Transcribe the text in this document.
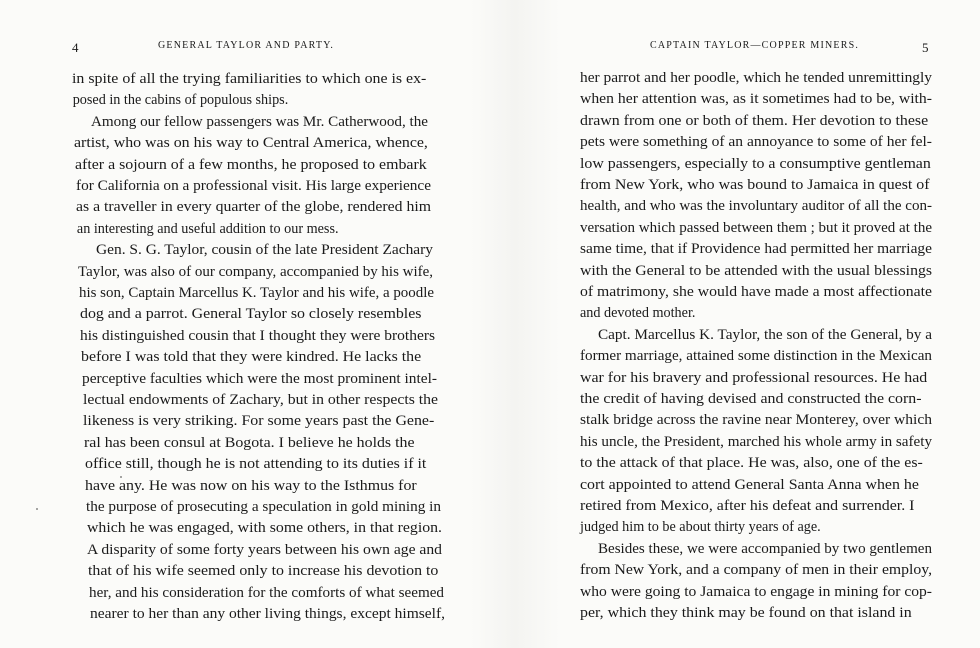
4	GENERAL TAYLOR AND PARTY.
in spite of all the trying familiarities to which one is ex-
posed in the cabins of populous ships.
Among our fellow passengers was Mr. Catherwood, the
artist, who was on his way to Central America, whence,
after a sojourn of a few months, he proposed to embark
for California on a professional visit. His large experience
as a traveller in every quarter of the globe, rendered him
an interesting and useful addition to our mess.
Gen. S. G. Taylor, cousin of the late President Zachary
Taylor, was also of our company, accompanied by his wife,
his son, Captain Marcellus K. Taylor and his wife, a poodle
dog and a parrot. General Taylor so closely resembles
his distinguished cousin that I thought they were brothers
before I was told that they were kindred. He lacks the
perceptive faculties which were the most prominent intel-
lectual endowments of Zachary, but in other respects the
likeness is very striking. For some years past the Gene-
ral has been consul at Bogota. I believe he holds the
office still, though he is not attending to its duties if it
have any. He was now on his way to the Isthmus for
the purpose of prosecuting a speculation in gold mining in
which he was engaged, with some others, in that region.
A disparity of some forty years between his own age and
that of his wife seemed only to increase his devotion to
her, and his consideration for the comforts of what seemed
nearer to her than any other living things, except himself,
CAPTAIN TAYLOR—COPPER MINERS.	5
her parrot and her poodle, which he tended unremittingly
when her attention was, as it sometimes had to be, with-
drawn from one or both of them. Her devotion to these
pets were something of an annoyance to some of her fel-
low passengers, especially to a consumptive gentleman
from New York, who was bound to Jamaica in quest of
health, and who was the involuntary auditor of all the con-
versation which passed between them ; but it proved at the
same time, that if Providence had permitted her marriage
with the General to be attended with the usual blessings
of matrimony, she would have made a most affectionate
and devoted mother.
Capt. Marcellus K. Taylor, the son of the General, by a
former marriage, attained some distinction in the Mexican
war for his bravery and professional resources. He had
the credit of having devised and constructed the corn-
stalk bridge across the ravine near Monterey, over which
his uncle, the President, marched his whole army in safety
to the attack of that place. He was, also, one of the es-
cort appointed to attend General Santa Anna when he
retired from Mexico, after his defeat and surrender. I
judged him to be about thirty years of age.
Besides these, we were accompanied by two gentlemen
from New York, and a company of men in their employ,
who were going to Jamaica to engage in mining for cop-
per, which they think may be found on that island in
